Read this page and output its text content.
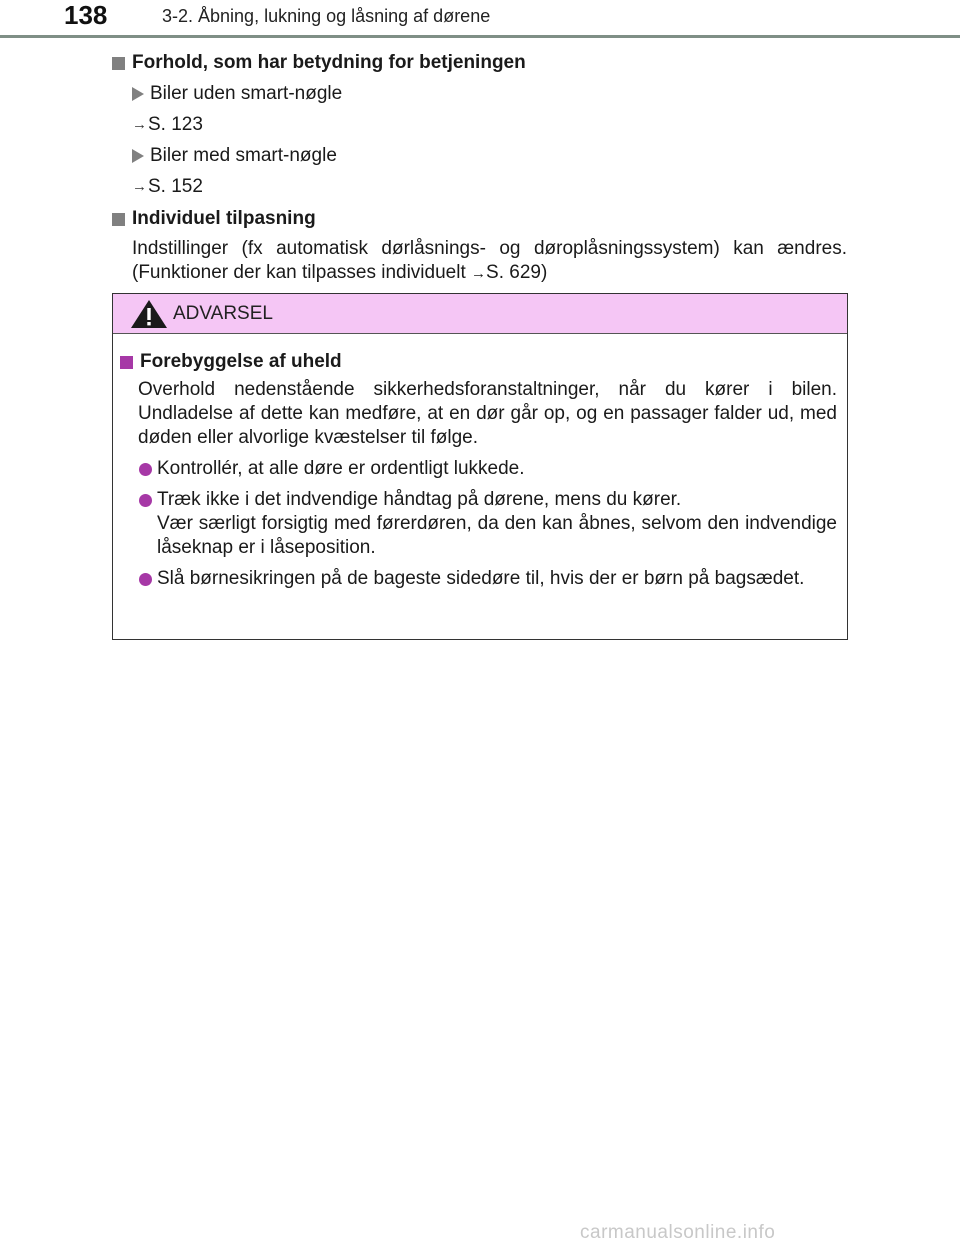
138	3-2. Åbning, lukning og låsning af dørene
Forhold, som har betydning for betjeningen
Biler uden smart-nøgle
→ S. 123
Biler med smart-nøgle
→ S. 152
Individuel tilpasning
Indstillinger (fx automatisk dørlåsnings- og døroplåsningssystem) kan ændres. (Funktioner der kan tilpasses individuelt →S. 629)
ADVARSEL
Forebyggelse af uheld
Overhold nedenstående sikkerhedsforanstaltninger, når du kører i bilen. Undladelse af dette kan medføre, at en dør går op, og en passager falder ud, med døden eller alvorlige kvæstelser til følge.
Kontrollér, at alle døre er ordentligt lukkede.
Træk ikke i det indvendige håndtag på dørene, mens du kører.
Vær særligt forsigtig med førerdøren, da den kan åbnes, selvom den indvendige låseknap er i låseposition.
Slå børnesikringen på de bageste sidedøre til, hvis der er børn på bagsædet.
carmanualsonline.info
